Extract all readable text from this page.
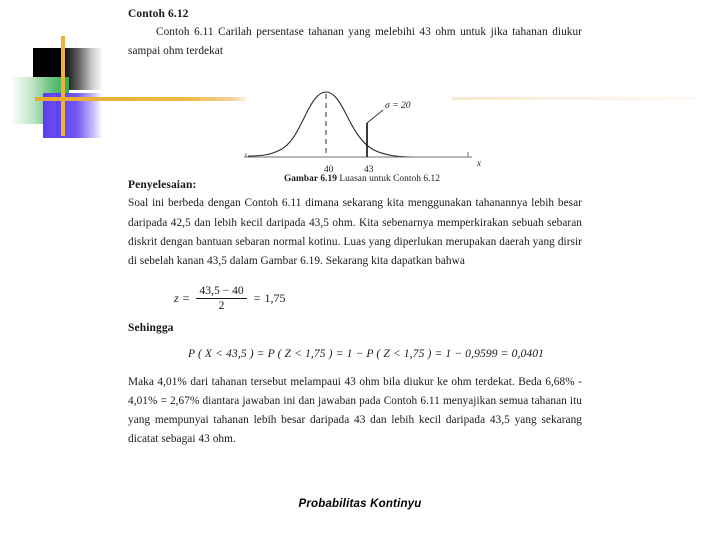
Contoh 6.12
Contoh 6.11 Carilah persentase tahanan yang melebihi 43 ohm untuk jika tahanan diukur sampai ohm terdekat
Penyelesaian:
Soal ini berbeda dengan Contoh 6.11 dimana sekarang kita menggunakan tahanannya lebih besar daripada 42,5 dan lebih kecil daripada 43,5 ohm. Kita sebenarnya memperkirakan sebuah sebaran diskrit dengan bantuan sebaran normal kotinu. Luas yang diperlukan merupakan daerah yang dirsir di sebelah kanan 43,5 dalam Gambar 6.19. Sekarang kita dapatkan bahwa
$z = \frac{43,5 - 40}{2} = 1,75$
Sehingga
P ( X < 43,5 ) = P ( Z < 1,75 ) = 1 − P ( Z < 1,75 ) = 1 − 0,9599 = 0,0401
Maka 4,01% dari tahanan tersebut melampaui 43 ohm bila diukur ke ohm terdekat. Beda 6,68% - 4,01% = 2,67% diantara jawaban ini dan jawaban pada Contoh 6.11 menyajikan semua tahanan itu yang mempunyai tahanan lebih besar daripada 43 dan lebih kecil daripada 43,5 yang sekarang dicatat sebagai 43 ohm.
40	43
x
σ = 20
Gambar 6.19 Luasan untuk Contoh 6.12
Probabilitas Kontinyu
